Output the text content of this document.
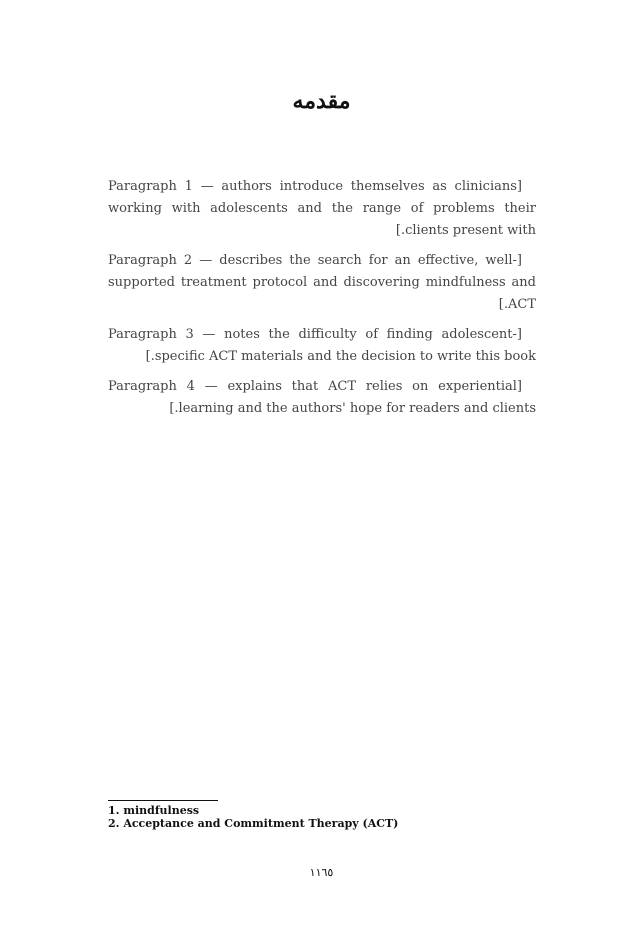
مقدمه

[Paragraph 1 — authors introduce themselves as clinicians working with adolescents and the range of problems their clients present with.]

[Paragraph 2 — describes the search for an effective, well-supported treatment protocol and discovering mindfulness and ACT.]

[Paragraph 3 — notes the difficulty of finding adolescent-specific ACT materials and the decision to write this book.]

[Paragraph 4 — explains that ACT relies on experiential learning and the authors' hope for readers and clients.]

1. mindfulness
2. Acceptance and Commitment Therapy (ACT)
١١٦٥
